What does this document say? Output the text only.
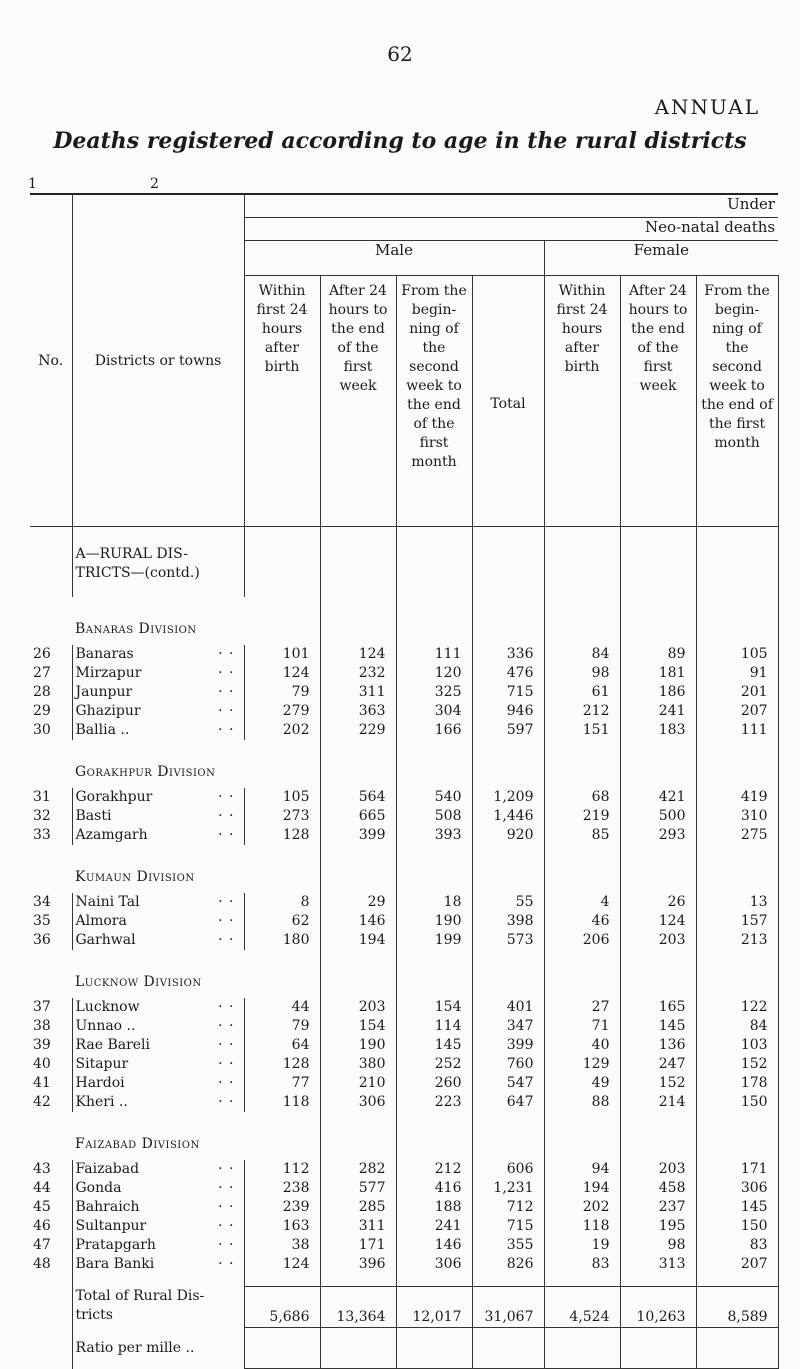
62
ANNUAL
Deaths registered according to age in the rural districts
1	2
No.	Districts or towns	Under						
		Neo-natal deaths						
		Male				Female		
		Within first 24 hours after birth	After 24 hours to the end of the first week	From the begin-ning of the second week to the end of the first month	Total	Within first 24 hours after birth	After 24 hours to the end of the first week	From the begin-ning of the second week to the end of the first month
	A—RURAL DIS-TRICTS—(contd.)							
	Banaras Division							
26	Banaras · ·	101	124	111	336	84	89	105
27	Mirzapur · ·	124	232	120	476	98	181	91
28	Jaunpur · ·	79	311	325	715	61	186	201
29	Ghazipur · ·	279	363	304	946	212	241	207
30	Ballia .. · ·	202	229	166	597	151	183	111
	Gorakhpur Division							
31	Gorakhpur · ·	105	564	540	1,209	68	421	419
32	Basti · ·	273	665	508	1,446	219	500	310
33	Azamgarh · ·	128	399	393	920	85	293	275
	Kumaun Division							
34	Naini Tal · ·	8	29	18	55	4	26	13
35	Almora · ·	62	146	190	398	46	124	157
36	Garhwal · ·	180	194	199	573	206	203	213
	Lucknow Division							
37	Lucknow · ·	44	203	154	401	27	165	122
38	Unnao .. · ·	79	154	114	347	71	145	84
39	Rae Bareli · ·	64	190	145	399	40	136	103
40	Sitapur · ·	128	380	252	760	129	247	152
41	Hardoi · ·	77	210	260	547	49	152	178
42	Kheri .. · ·	118	306	223	647	88	214	150
	Faizabad Division							
43	Faizabad · ·	112	282	212	606	94	203	171
44	Gonda · ·	238	577	416	1,231	194	458	306
45	Bahraich · ·	239	285	188	712	202	237	145
46	Sultanpur · ·	163	311	241	715	118	195	150
47	Pratapgarh · ·	38	171	146	355	19	98	83
48	Bara Banki · ·	124	396	306	826	83	313	207

	Total of Rural Dis-tricts	5,686	13,364	12,017	31,067	4,524	10,263	8,589
	Ratio per mille ..							
